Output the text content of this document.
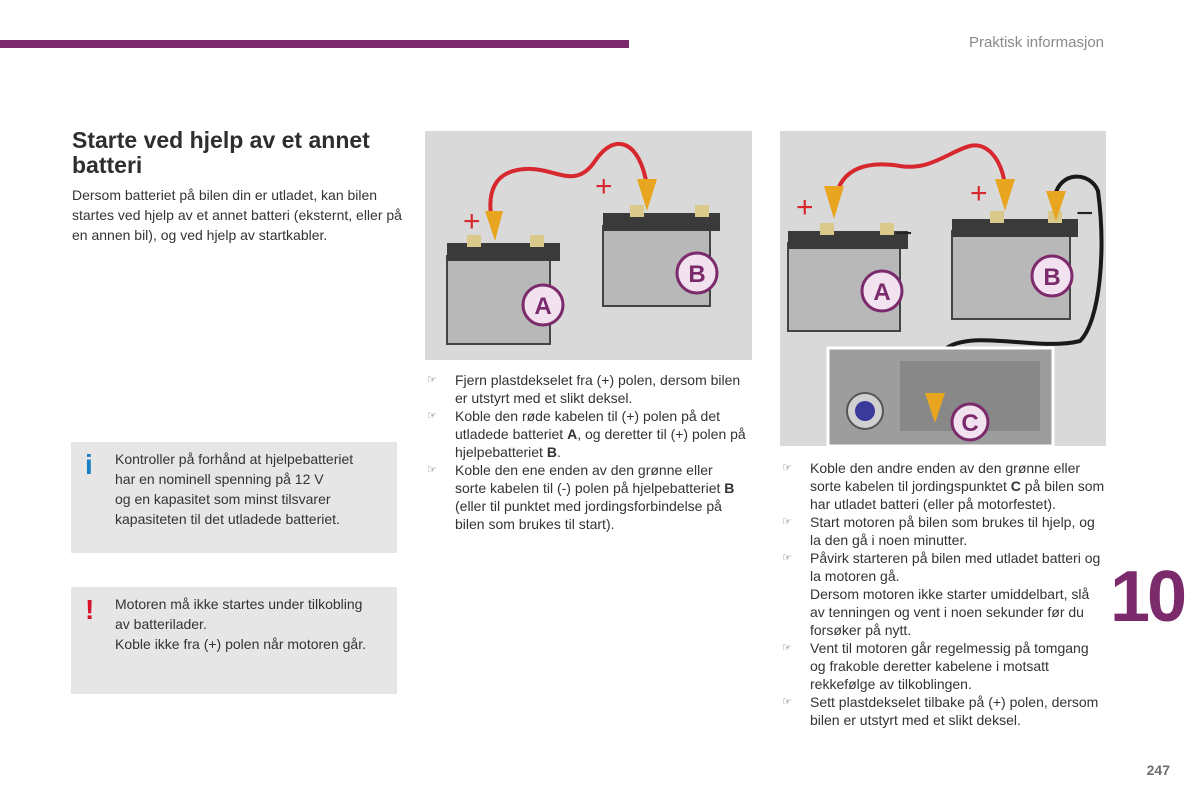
Praktisk informasjon
Starte ved hjelp av et annet batteri
Dersom batteriet på bilen din er utladet, kan bilen startes ved hjelp av et annet batteri (eksternt, eller på en annen bil), og ved hjelp av startkabler.
i Kontroller på forhånd at hjelpebatteriet
har en nominell spenning på 12 V
og en kapasitet som minst tilsvarer
kapasiteten til det utladede batteriet.
! Motoren må ikke startes under tilkobling
av batterilader.
Koble ikke fra (+) polen når motoren går.
A
B
+
+
A
B
C
+	+
−
−
☞ Fjern plastdekselet fra (+) polen, dersom bilen er utstyrt med et slikt deksel.
☞ Koble den røde kabelen til (+) polen på det utladede batteriet A, og deretter til (+) polen på hjelpebatteriet B.
☞ Koble den ene enden av den grønne eller sorte kabelen til (-) polen på hjelpebatteriet B (eller til punktet med jordingsforbindelse på bilen som brukes til start).
☞ Koble den andre enden av den grønne eller sorte kabelen til jordingspunktet C på bilen som har utladet batteri (eller på motorfestet).
☞ Start motoren på bilen som brukes til hjelp, og la den gå i noen minutter.
☞ Påvirk starteren på bilen med utladet batteri og la motoren gå.
Dersom motoren ikke starter umiddelbart, slå av tenningen og vent i noen sekunder før du forsøker på nytt.
☞ Vent til motoren går regelmessig på tomgang og frakoble deretter kabelene i motsatt rekkefølge av tilkoblingen.
☞ Sett plastdekselet tilbake på (+) polen, dersom bilen er utstyrt med et slikt deksel.
10
247
